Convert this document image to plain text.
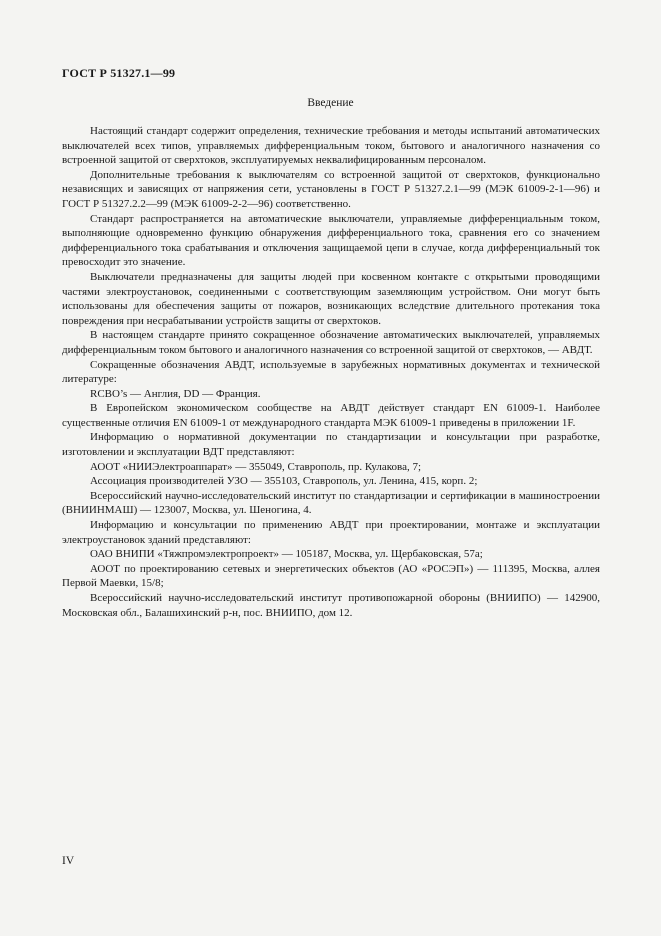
ГОСТ Р 51327.1—99
Введение

Настоящий стандарт содержит определения, технические требования и методы испытаний автоматических выключателей всех типов, управляемых дифференциальным током, бытового и аналогичного назначения со встроенной защитой от сверхтоков, эксплуатируемых неквалифицированным персоналом.

Дополнительные требования к выключателям со встроенной защитой от сверхтоков, функционально независящих и зависящих от напряжения сети, установлены в ГОСТ Р 51327.2.1—99 (МЭК 61009-2-1—96) и ГОСТ Р 51327.2.2—99 (МЭК 61009-2-2—96) соответственно.

Стандарт распространяется на автоматические выключатели, управляемые дифференциальным током, выполняющие одновременно функцию обнаружения дифференциального тока, сравнения его со значением дифференциального тока срабатывания и отключения защищаемой цепи в случае, когда дифференциальный ток превосходит это значение.

Выключатели предназначены для защиты людей при косвенном контакте с открытыми проводящими частями электроустановок, соединенными с соответствующим заземляющим устройством. Они могут быть использованы для обеспечения защиты от пожаров, возникающих вследствие длительного протекания тока повреждения при несрабатывании устройств защиты от сверхтоков.

В настоящем стандарте принято сокращенное обозначение автоматических выключателей, управляемых дифференциальным током бытового и аналогичного назначения со встроенной защитой от сверхтоков, — АВДТ.

Сокращенные обозначения АВДТ, используемые в зарубежных нормативных документах и технической литературе:

RCBO’s — Англия, DD — Франция.

В Европейском экономическом сообществе на АВДТ действует стандарт EN 61009-1. Наиболее существенные отличия EN 61009-1 от международного стандарта МЭК 61009-1 приведены в приложении 1F.

Информацию о нормативной документации по стандартизации и консультации при разработке, изготовлении и эксплуатации ВДТ представляют:

АООТ «НИИЭлектроаппарат» — 355049, Ставрополь, пр. Кулакова, 7;

Ассоциация производителей УЗО — 355103, Ставрополь, ул. Ленина, 415, корп. 2;

Всероссийский научно-исследовательский институт по стандартизации и сертификации в машиностроении (ВНИИНМАШ) — 123007, Москва, ул. Шеногина, 4.

Информацию и консультации по применению АВДТ при проектировании, монтаже и эксплуатации электроустановок зданий представляют:

ОАО ВНИПИ «Тяжпромэлектропроект» — 105187, Москва, ул. Щербаковская, 57а;

АООТ по проектированию сетевых и энергетических объектов (АО «РОСЭП») — 111395, Москва, аллея Первой Маевки, 15/8;

Всероссийский научно-исследовательский институт противопожарной обороны (ВНИИПО) — 142900, Московская обл., Балашихинский р-н, пос. ВНИИПО, дом 12.

IV
